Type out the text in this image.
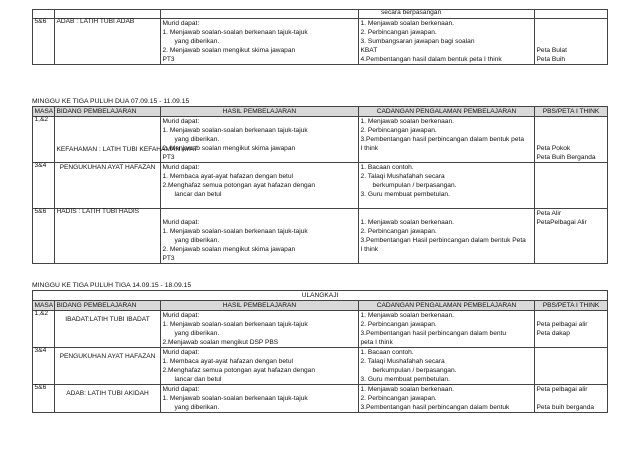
			secara berpasangan	
5&6	ADAB : LATIH TUBI ADAB	Murid dapat:
1. Menjawab soalan-soalan berkenaan tajuk-tajuk
yang diberikan.
2. Menjawab soalan mengikut skima jawapan
PT3	1. Menjawab soalan berkenaan.
2. Perbincangan jawapan.
3. Sumbangsaran jawapan bagi soalan
KBAT
4.Pembentangan hasil dalam bentuk peta I think	Peta Bulat
Peta Buih
MINGGU KE TIGA PULUH DUA 07.09.15 - 11.09.15
MASA	BIDANG PEMBELAJARAN	HASIL PEMBELAJARAN	CADANGAN PENGALAMAN PEMBELAJARAN	PBS/PETA I THINK
1,&2	KEFAHAMAN : LATIH TUBI KEFAHAMAN AYAT	Murid dapat:
1. Menjawab soalan-soalan berkenaan tajuk-tajuk
yang diberikan.
2. Menjawab soalan mengikut skima jawapan
PT3	1. Menjawab soalan berkenaan.
2. Perbincangan jawapan.
3.Pembentangan hasil perbincangan dalam bentuk peta
I think	Peta Pokok
Peta Buih Berganda

3&4	PENGUKUHAN AYAT HAFAZAN	Murid dapat:
1. Membaca ayat-ayat hafazan dengan betul
2.Menghafaz semua potongan ayat hafazan dengan
lancar dan betul	1. Bacaan contoh.
2. Talaqi Mushafahah secara
berkumpulan / berpasangan.
3. Guru membuat pembetulan.	

5&6	HADIS : LATIH TUBI HADIS	Murid dapat:
1. Menjawab soalan-soalan berkenaan tajuk-tajuk
yang diberikan.
2. Menjawab soalan mengikut skima jawapan
PT3	1. Menjawab soalan berkenaan.
2. Perbincangan jawapan.
3.Pembentangan Hasil perbincangan dalam bentuk Peta
I think	Peta Alir
PetaPelbagai Alir
MINGGU KE TIGA PULUH TIGA 14.09.15 - 18.09.15
ULANGKAJI				
MASA	BIDANG PEMBELAJARAN	HASIL PEMBELAJARAN	CADANGAN PENGALAMAN PEMBELAJARAN	PBS/PETA I THINK
1,&2	IBADAT:LATIH TUBI IBADAT	Murid dapat:
1. Menjawab soalan-soalan berkenaan tajuk-tajuk
yang diberikan.
2.Menjawab soalan mengikut DSP PBS	1. Menjawab soalan berkenaan.
2. Perbincangan jawapan.
3.Pembentangan hasil perbincangan dalam bentu
peta I think	Peta pelbagai alir
Peta dakap

3&4	PENGUKUHAN AYAT HAFAZAN	Murid dapat:
1. Membaca ayat-ayat hafazan dengan betul
2.Menghafaz semua potongan ayat hafazan dengan
lancar dan betul	1. Bacaan contoh.
2. Talaqi Mushafahah secara
berkumpulan / berpasangan.
3. Guru membuat pembetulan.	

5&6	ADAB: LATIH TUBI AKIDAH	Murid dapat:
1. Menjawab soalan-soalan berkenaan tajuk-tajuk
yang diberikan.	1. Menjawab soalan berkenaan.
2. Perbincangan jawapan.
3.Pembentangan hasil perbincangan dalam bentuk	Peta pelbagai alir
Peta buih berganda
